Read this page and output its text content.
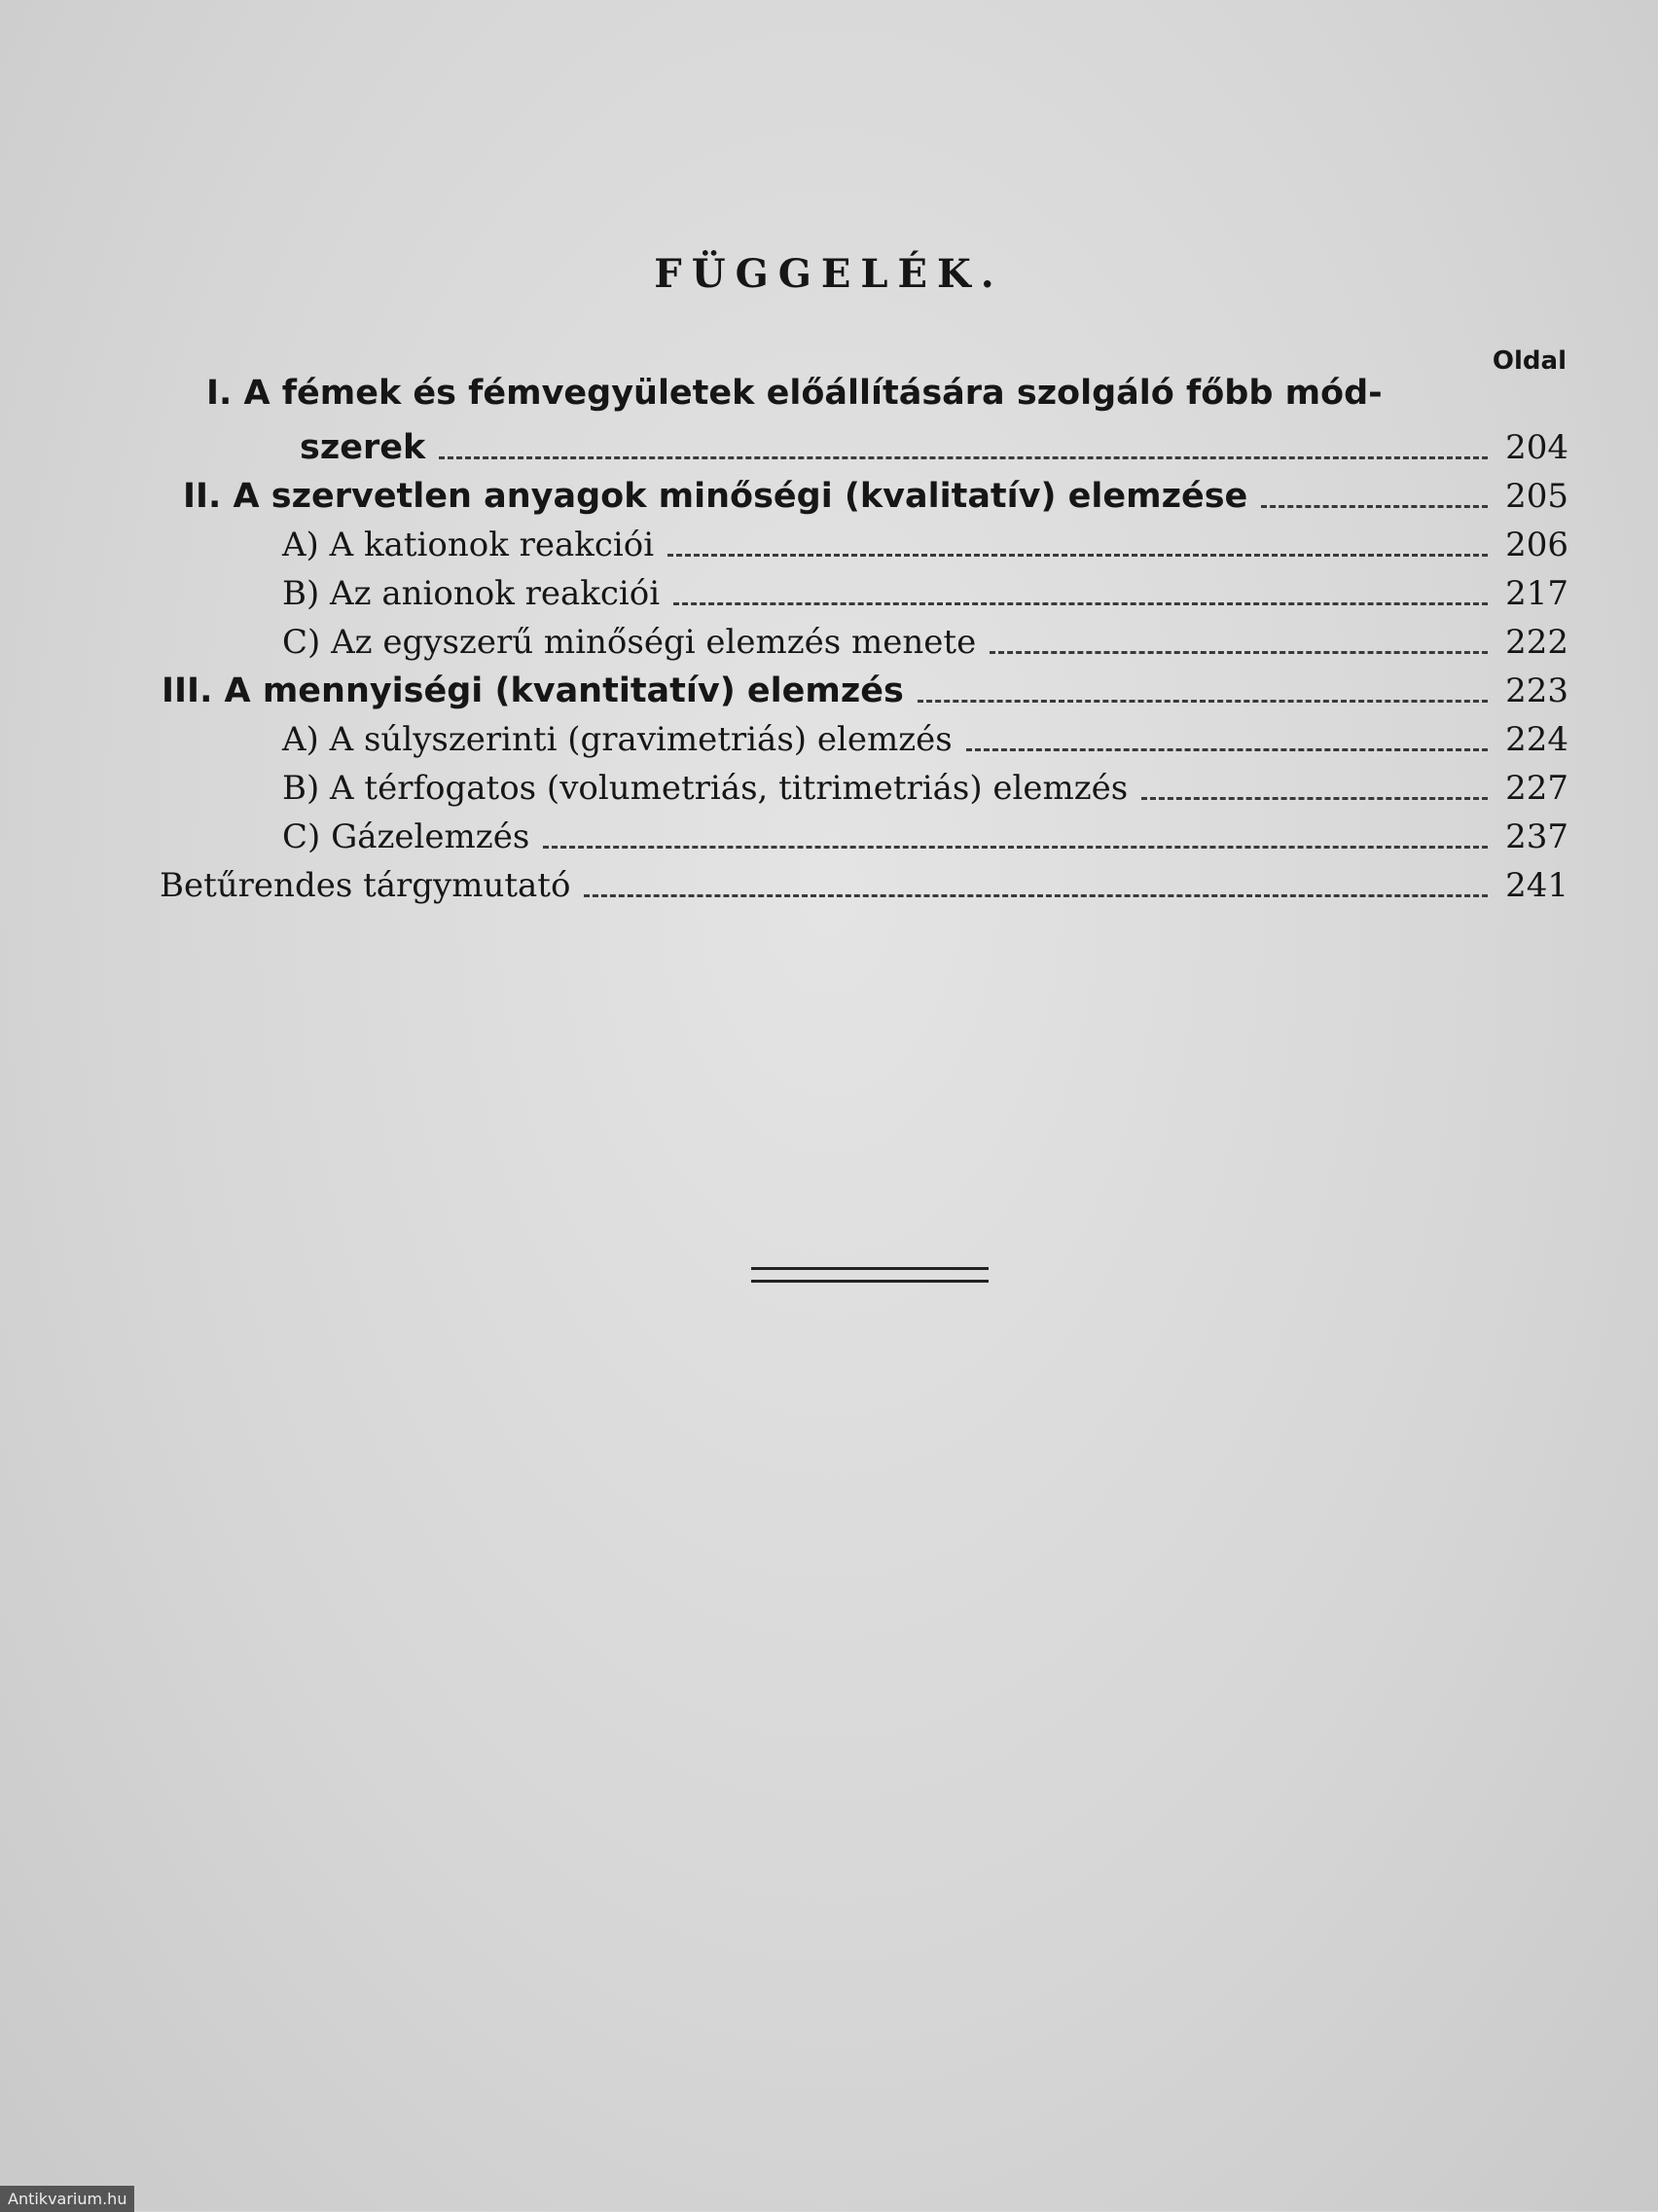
FÜGGELÉK.
Oldal
I. A fémek és fémvegyületek előállítására szolgáló főbb mód-
szerek	204
II. A szervetlen anyagok minőségi (kvalitatív) elemzése	205
A) A kationok reakciói	206
B) Az anionok reakciói	217
C) Az egyszerű minőségi elemzés menete	222
III. A mennyiségi (kvantitatív) elemzés	223
A) A súlyszerinti (gravimetriás) elemzés	224
B) A térfogatos (volumetriás, titrimetriás) elemzés	227
C) Gázelemzés	237
Betűrendes tárgymutató	241
Antikvarium.hu
